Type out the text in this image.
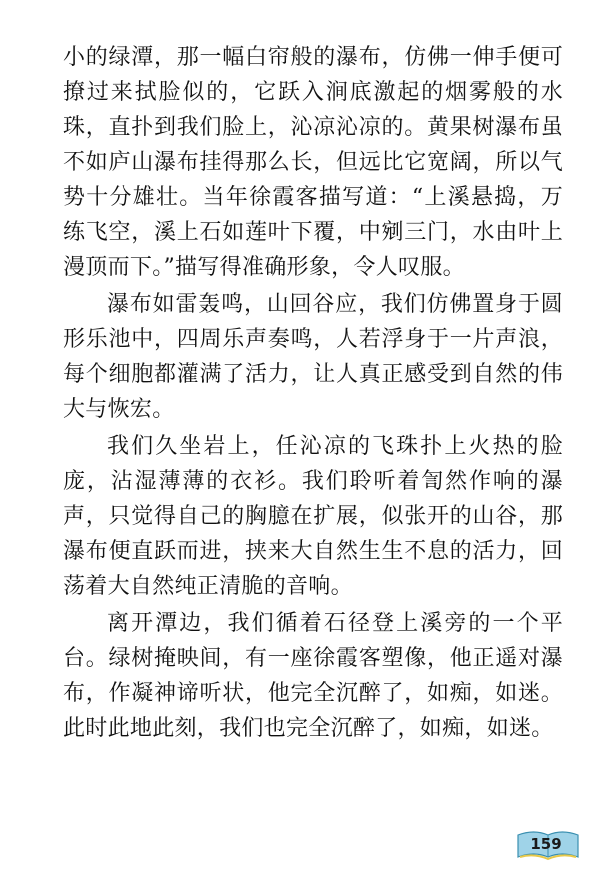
小的绿潭，那一幅白帘般的瀑布，仿佛一伸手便可撩过来拭脸似的，它跃入涧底激起的烟雾般的水珠，直扑到我们脸上，沁凉沁凉的。黄果树瀑布虽不如庐山瀑布挂得那么长，但远比它宽阔，所以气势十分雄壮。当年徐霞客描写道：“上溪悬捣，万练飞空，溪上石如莲叶下覆，中剜三门，水由叶上漫顶而下。”描写得准确形象，令人叹服。

瀑布如雷轰鸣，山回谷应，我们仿佛置身于圆形乐池中，四周乐声奏鸣，人若浮身于一片声浪，每个细胞都灌满了活力，让人真正感受到自然的伟大与恢宏。

我们久坐岩上，任沁凉的飞珠扑上火热的脸庞，沾湿薄薄的衣衫。我们聆听着訇然作响的瀑声，只觉得自己的胸臆在扩展，似张开的山谷，那瀑布便直跃而进，挟来大自然生生不息的活力，回荡着大自然纯正清脆的音响。

离开潭边，我们循着石径登上溪旁的一个平台。绿树掩映间，有一座徐霞客塑像，他正遥对瀑布，作凝神谛听状，他完全沉醉了，如痴，如迷。此时此地此刻，我们也完全沉醉了，如痴，如迷。

159
